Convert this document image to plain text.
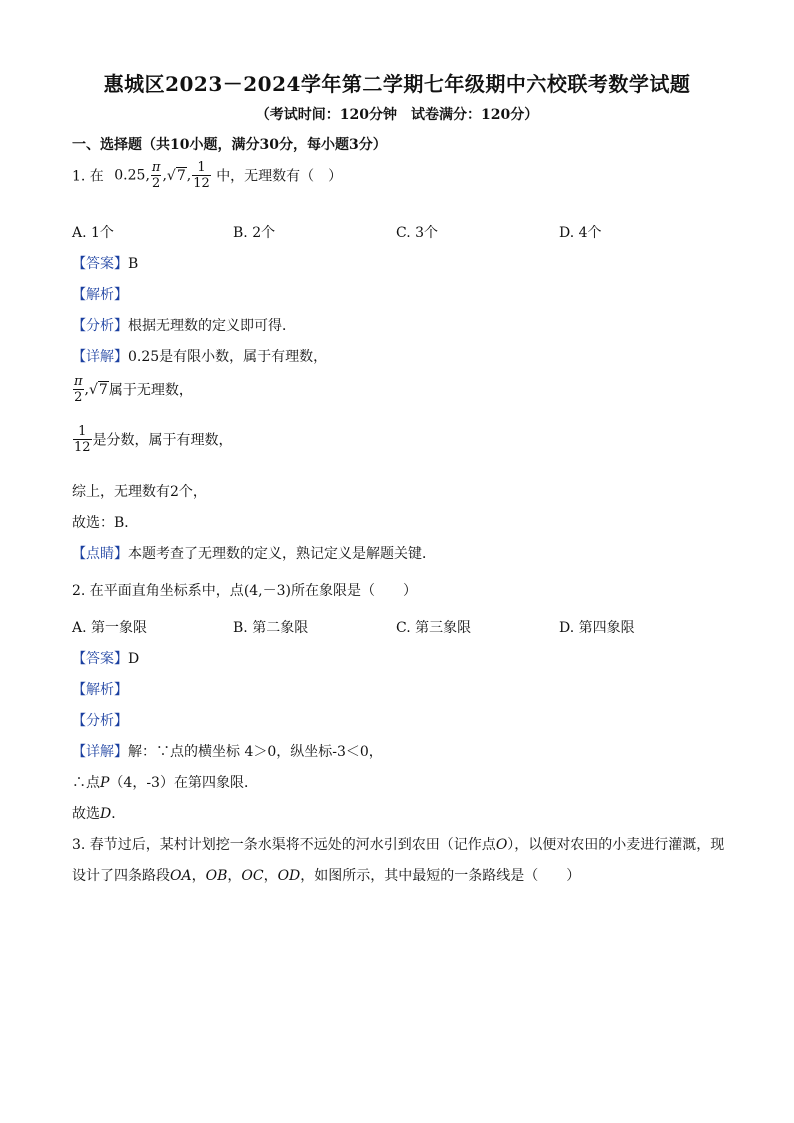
惠城区2023－2024学年第二学期七年级期中六校联考数学试题
（考试时间：120分钟　试卷满分：120分）
一、选择题（共10小题，满分30分，每小题3分）
1. 在 0.25, $\frac{\pi}{2} ,√7$, $\frac{1}{12}$ 中，无理数有（　）
A. 1个	B. 2个	C. 3个	D. 4个
【答案】B
【解析】
【分析】根据无理数的定义即可得．
【详解】0.25是有限小数，属于有理数，
$\frac{\pi}{2} ,√7$属于无理数，
$\frac{1}{12}$ 是分数，属于有理数，
综上，无理数有2个，
故选：B．
【点睛】本题考查了无理数的定义，熟记定义是解题关键．
2. 在平面直角坐标系中，点(4,－3)所在象限是（　　）
A. 第一象限	B. 第二象限	C. 第三象限	D. 第四象限
【答案】D
【解析】
【分析】
【详解】解：∵点的横坐标 4＞0，纵坐标-3＜0，
∴点P（4，-3）在第四象限．
故选D．
3. 春节过后，某村计划挖一条水渠将不远处的河水引到农田（记作点O），以便对农田的小麦进行灌溉，现
设计了四条路段OA，OB，OC，OD，如图所示，其中最短的一条路线是（　　）
